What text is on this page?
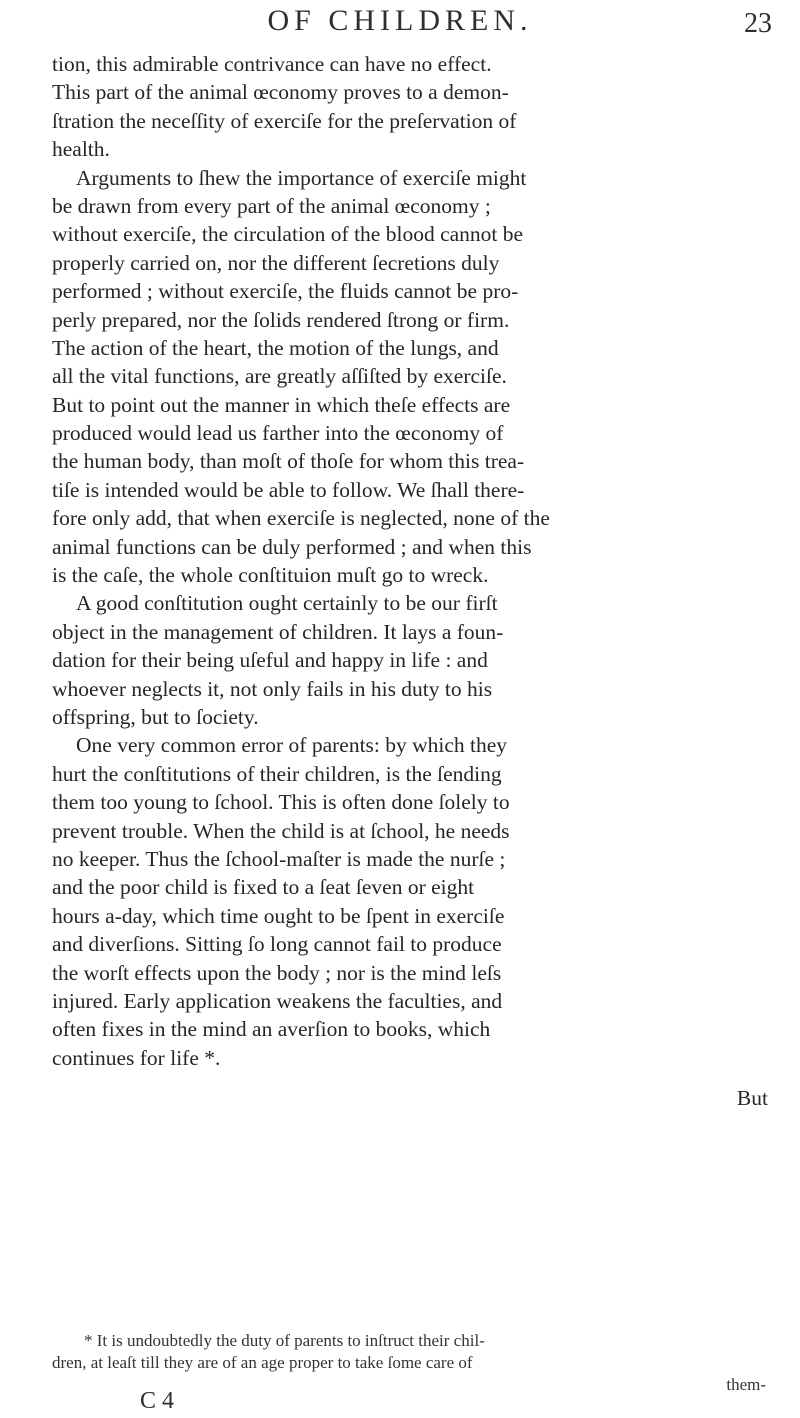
OF CHILDREN.	23
tion, this admirable contrivance can have no effect.
This part of the animal œconomy proves to a demon-
ſtration the neceſſity of exerciſe for the preſervation of
health.
Arguments to ſhew the importance of exerciſe might
be drawn from every part of the animal œconomy ;
without exerciſe, the circulation of the blood cannot be
properly carried on, nor the different ſecretions duly
performed ; without exerciſe, the fluids cannot be pro-
perly prepared, nor the ſolids rendered ſtrong or firm.
The action of the heart, the motion of the lungs, and
all the vital functions, are greatly aſſiſted by exerciſe.
But to point out the manner in which theſe effects are
produced would lead us farther into the œconomy of
the human body, than moſt of thoſe for whom this trea-
tiſe is intended would be able to follow. We ſhall there-
fore only add, that when exerciſe is neglected, none of the
animal functions can be duly performed ; and when this
is the caſe, the whole conſtituion muſt go to wreck.
A good conſtitution ought certainly to be our firſt
object in the management of children. It lays a foun-
dation for their being uſeful and happy in life : and
whoever neglects it, not only fails in his duty to his
offspring, but to ſociety.
One very common error of parents: by which they
hurt the conſtitutions of their children, is the ſending
them too young to ſchool. This is often done ſolely to
prevent trouble. When the child is at ſchool, he needs
no keeper. Thus the ſchool-maſter is made the nurſe ;
and the poor child is fixed to a ſeat ſeven or eight
hours a-day, which time ought to be ſpent in exerciſe
and diverſions. Sitting ſo long cannot fail to produce
the worſt effects upon the body ; nor is the mind leſs
injured. Early application weakens the faculties, and
often fixes in the mind an averſion to books, which
continues for life *.
But
* It is undoubtedly the duty of parents to inſtruct their chil-
dren, at leaſt till they are of an age proper to take ſome care of
them-
C 4
